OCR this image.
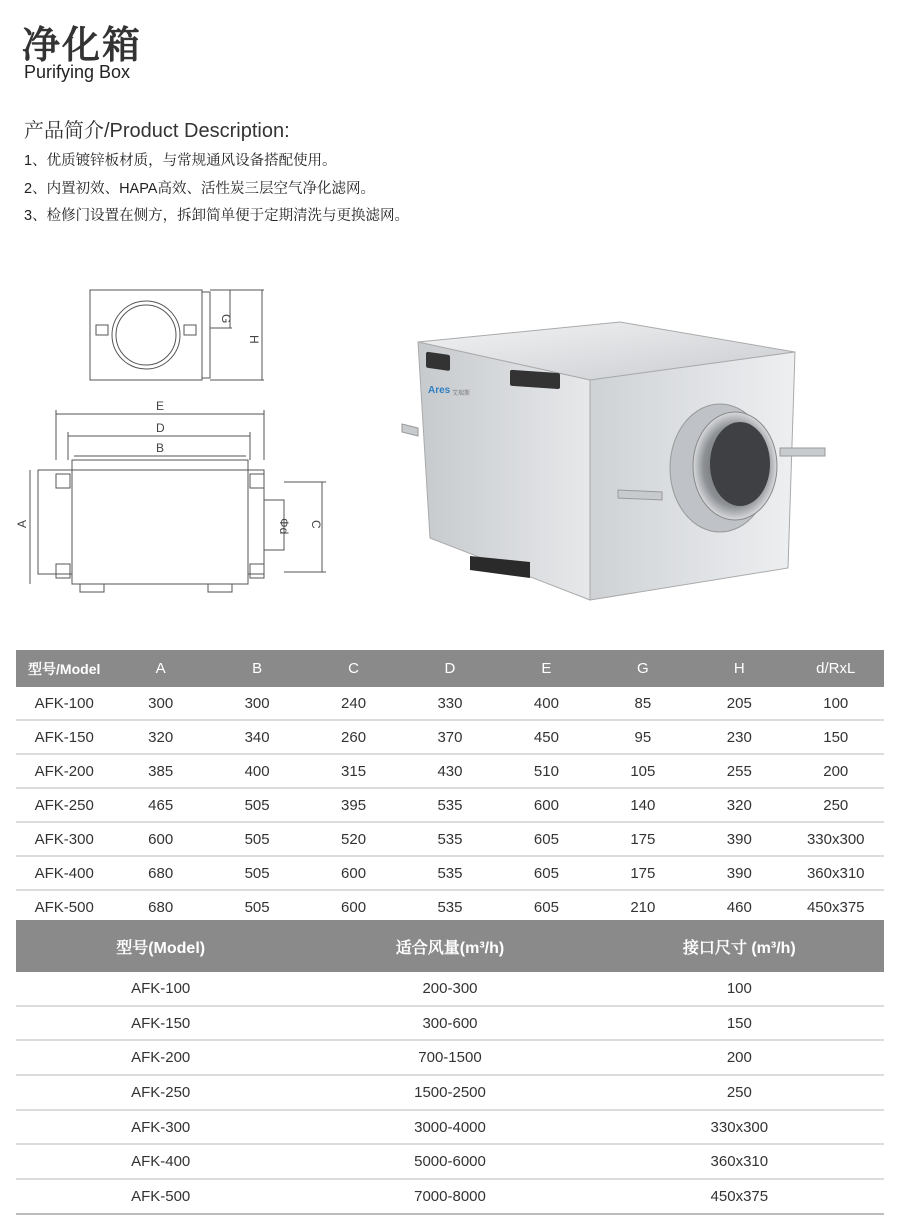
净化箱
Purifying Box
产品简介/Product Description:
1、优质镀锌板材质，与常规通风设备搭配使用。
2、内置初效、HAPA高效、活性炭三层空气净化滤网。
3、检修门设置在侧方，拆卸简单便于定期清洗与更换滤网。
G
H
E
D
B
A	Φd C
Ares 艾瑞斯
型号/Model	A	B	C	D	E	G	H	d/RxL
AFK-100	300	300	240	330	400	85	205	100
AFK-150	320	340	260	370	450	95	230	150
AFK-200	385	400	315	430	510	105	255	200
AFK-250	465	505	395	535	600	140	320	250
AFK-300	600	505	520	535	605	175	390	330x300
AFK-400	680	505	600	535	605	175	390	360x310
AFK-500	680	505	600	535	605	210	460	450x375
型号(Model)	适合风量(m³/h)	接口尺寸 (m³/h)
AFK-100	200-300	100
AFK-150	300-600	150
AFK-200	700-1500	200
AFK-250	1500-2500	250
AFK-300	3000-4000	330x300
AFK-400	5000-6000	360x310
AFK-500	7000-8000	450x375
